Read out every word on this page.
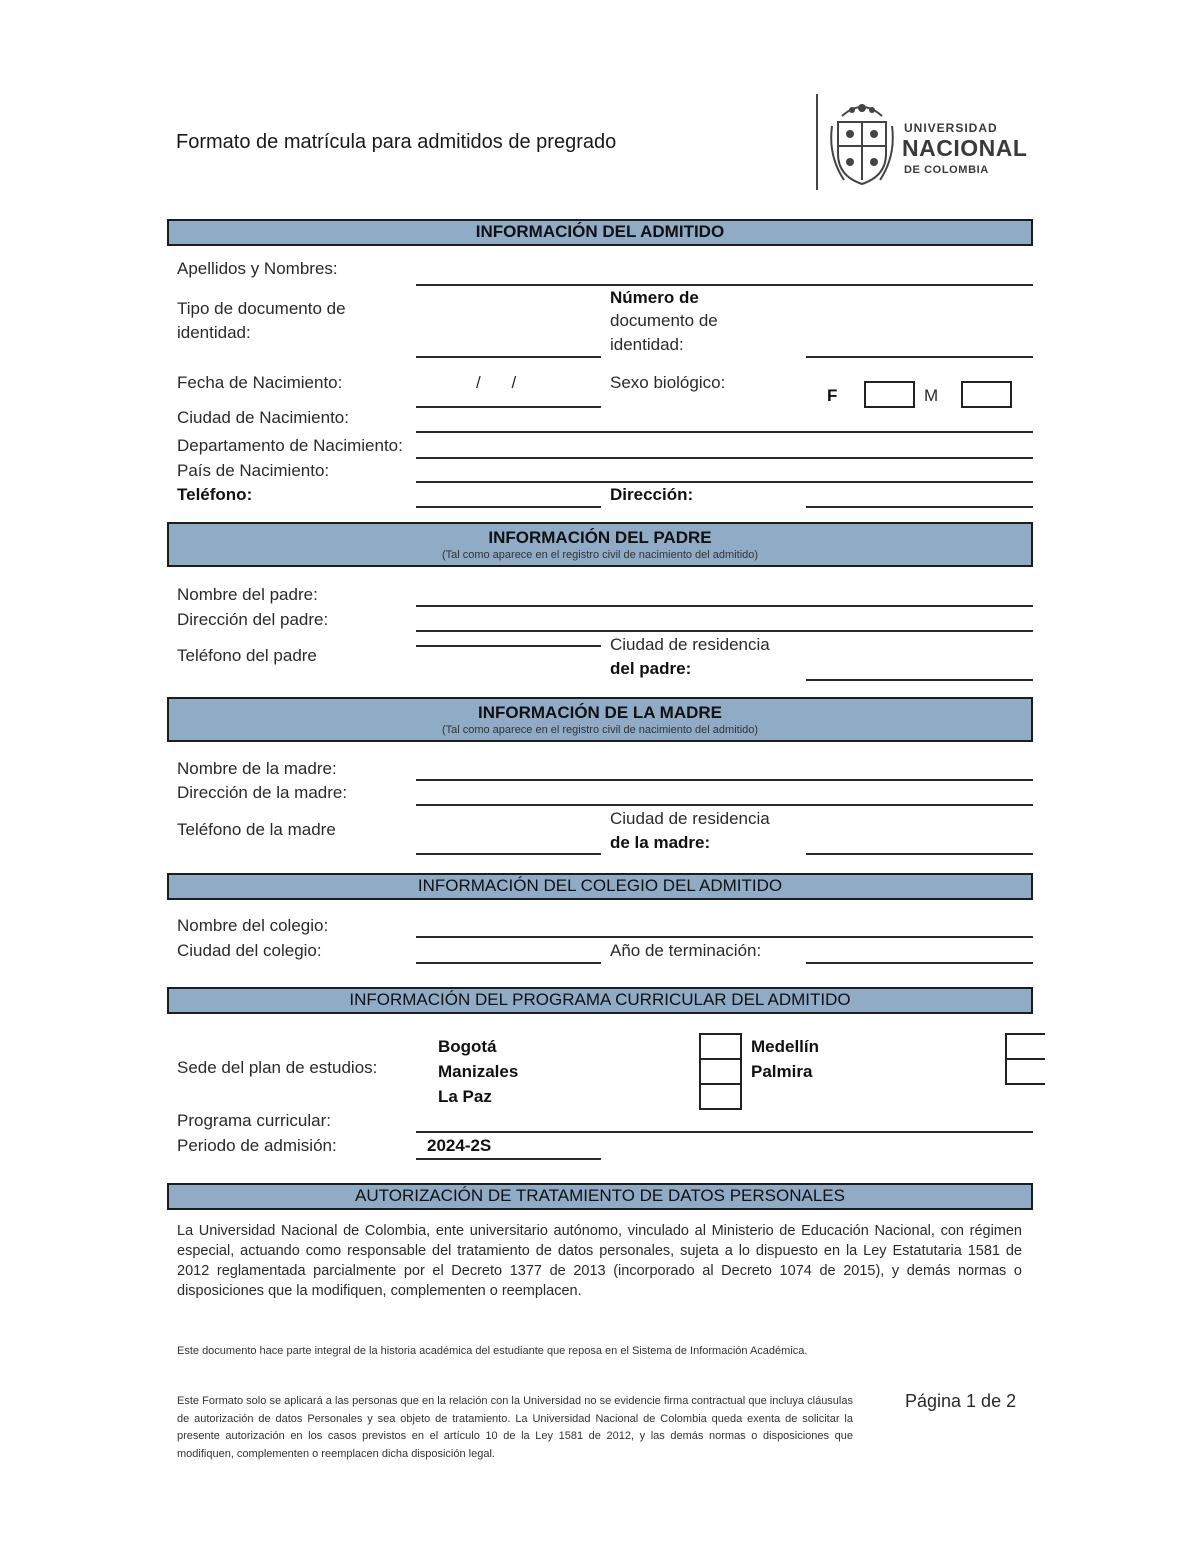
Formato de matrícula para admitidos de pregrado
UNIVERSIDAD
NACIONAL
DE COLOMBIA
INFORMACIÓN DEL ADMITIDO
Apellidos y Nombres:
Tipo de documento de identidad:
Número de
documento de identidad:
Fecha de Nacimiento:	/ /	Sexo biológico:
F	M
Ciudad de Nacimiento:
Departamento de Nacimiento:
País de Nacimiento:
Teléfono:	Dirección:
INFORMACIÓN DEL PADRE
(Tal como aparece en el registro civil de nacimiento del admitido)
Nombre del padre:
Dirección del padre:
Teléfono del padre
Ciudad de residencia
del padre:
INFORMACIÓN DE LA MADRE
(Tal como aparece en el registro civil de nacimiento del admitido)
Nombre de la madre:
Dirección de la madre:
Teléfono de la madre
Ciudad de residencia
de la madre:
INFORMACIÓN DEL COLEGIO DEL ADMITIDO
Nombre del colegio:
Ciudad del colegio:	Año de terminación:
INFORMACIÓN DEL PROGRAMA CURRICULAR DEL ADMITIDO
Sede del plan de estudios:
Bogotá
Manizales
La Paz
Medellín
Palmira
Programa curricular:
Periodo de admisión:	2024-2S
AUTORIZACIÓN DE TRATAMIENTO DE DATOS PERSONALES
La Universidad Nacional de Colombia, ente universitario autónomo, vinculado al Ministerio de Educación Nacional, con régimen especial, actuando como responsable del tratamiento de datos personales, sujeta a lo dispuesto en la Ley Estatutaria 1581 de 2012 reglamentada parcialmente por el Decreto 1377 de 2013 (incorporado al Decreto 1074 de 2015), y demás normas o disposiciones que la modifiquen, complementen o reemplacen.
Este documento hace parte integral de la historia académica del estudiante que reposa en el Sistema de Información Académica.
Este Formato solo se aplicará a las personas que en la relación con la Universidad no se evidencie firma contractual que incluya cláusulas de autorización de datos Personales y sea objeto de tratamiento. La Universidad Nacional de Colombia queda exenta de solicitar la presente autorización en los casos previstos en el artículo 10 de la Ley 1581 de 2012, y las demás normas o disposiciones que modifiquen, complementen o reemplacen dicha disposición legal.
Página 1 de 2
